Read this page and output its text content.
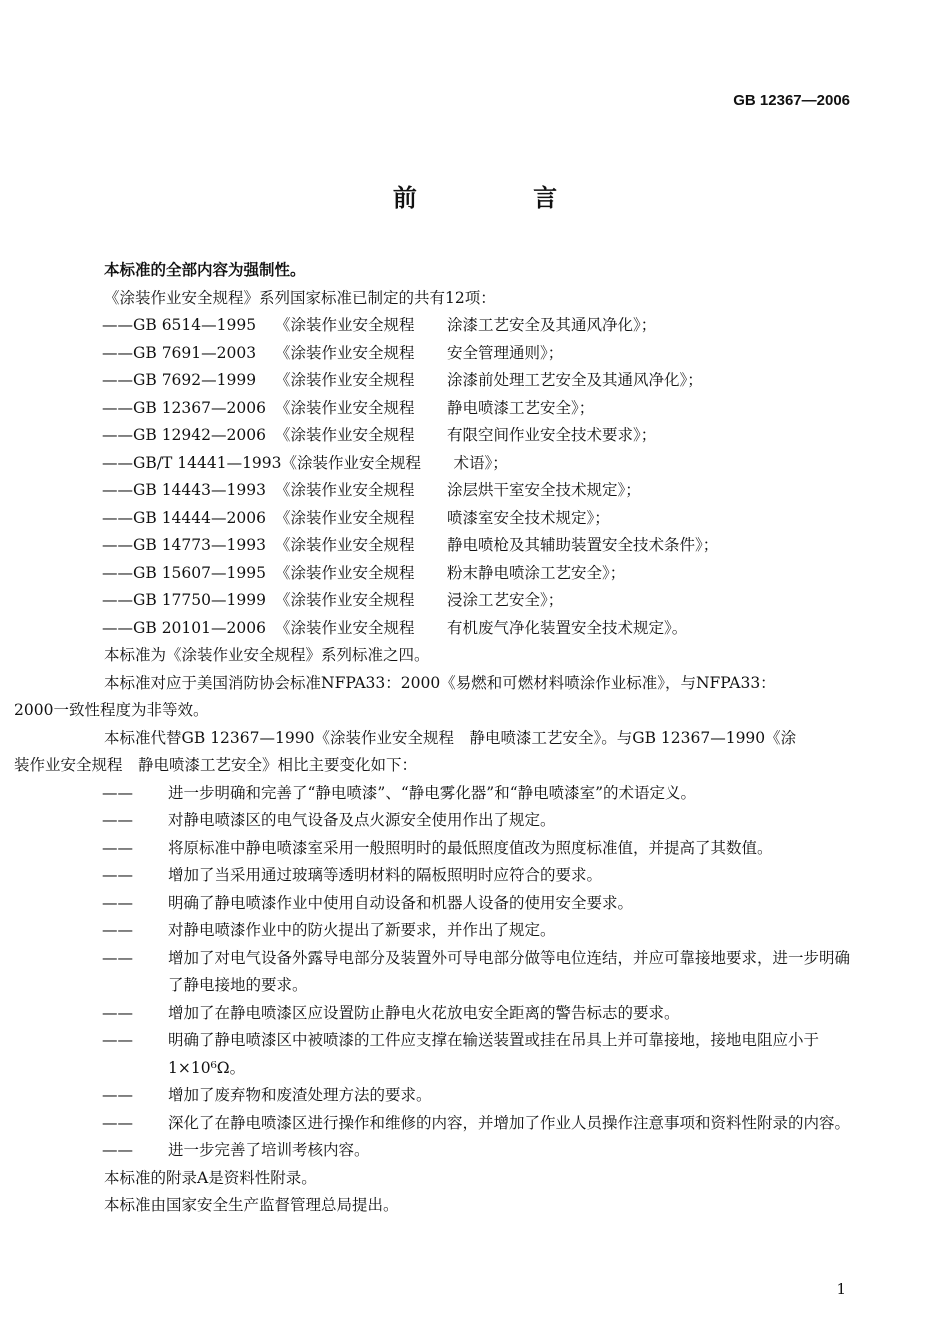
GB 12367—2006
前 言

本标准的全部内容为强制性。

《涂装作业安全规程》系列国家标准已制定的共有12项：

——GB 6514—1995 《涂装作业安全规程 涂漆工艺安全及其通风净化》；
——GB 7691—2003 《涂装作业安全规程 安全管理通则》；
——GB 7692—1999 《涂装作业安全规程 涂漆前处理工艺安全及其通风净化》；
——GB 12367—2006 《涂装作业安全规程 静电喷漆工艺安全》；
——GB 12942—2006 《涂装作业安全规程 有限空间作业安全技术要求》；
——GB/T 14441—1993《涂装作业安全规程 术语》；
——GB 14443—1993 《涂装作业安全规程 涂层烘干室安全技术规定》；
——GB 14444—2006 《涂装作业安全规程 喷漆室安全技术规定》；
——GB 14773—1993 《涂装作业安全规程 静电喷枪及其辅助装置安全技术条件》；
——GB 15607—1995 《涂装作业安全规程 粉末静电喷涂工艺安全》；
——GB 17750—1999 《涂装作业安全规程 浸涂工艺安全》；
——GB 20101—2006 《涂装作业安全规程 有机废气净化装置安全技术规定》。

本标准为《涂装作业安全规程》系列标准之四。

本标准对应于美国消防协会标准NFPA33：2000《易燃和可燃材料喷涂作业标准》，与NFPA33：

2000一致性程度为非等效。

本标准代替GB 12367—1990《涂装作业安全规程　静电喷漆工艺安全》。与GB 12367—1990《涂

装作业安全规程　静电喷漆工艺安全》相比主要变化如下：

—— 进一步明确和完善了“静电喷漆”、“静电雾化器”和“静电喷漆室”的术语定义。
—— 对静电喷漆区的电气设备及点火源安全使用作出了规定。
—— 将原标准中静电喷漆室采用一般照明时的最低照度值改为照度标准值，并提高了其数值。
—— 增加了当采用通过玻璃等透明材料的隔板照明时应符合的要求。
—— 明确了静电喷漆作业中使用自动设备和机器人设备的使用安全要求。
—— 对静电喷漆作业中的防火提出了新要求，并作出了规定。
—— 增加了对电气设备外露导电部分及装置外可导电部分做等电位连结，并应可靠接地要求，进一步明确了静电接地的要求。
—— 增加了在静电喷漆区应设置防止静电火花放电安全距离的警告标志的要求。
—— 明确了静电喷漆区中被喷漆的工件应支撑在输送装置或挂在吊具上并可靠接地，接地电阻应小于1×10⁶Ω。
—— 增加了废弃物和废渣处理方法的要求。
—— 深化了在静电喷漆区进行操作和维修的内容，并增加了作业人员操作注意事项和资料性附录的内容。
—— 进一步完善了培训考核内容。

本标准的附录A是资料性附录。

本标准由国家安全生产监督管理总局提出。

1
